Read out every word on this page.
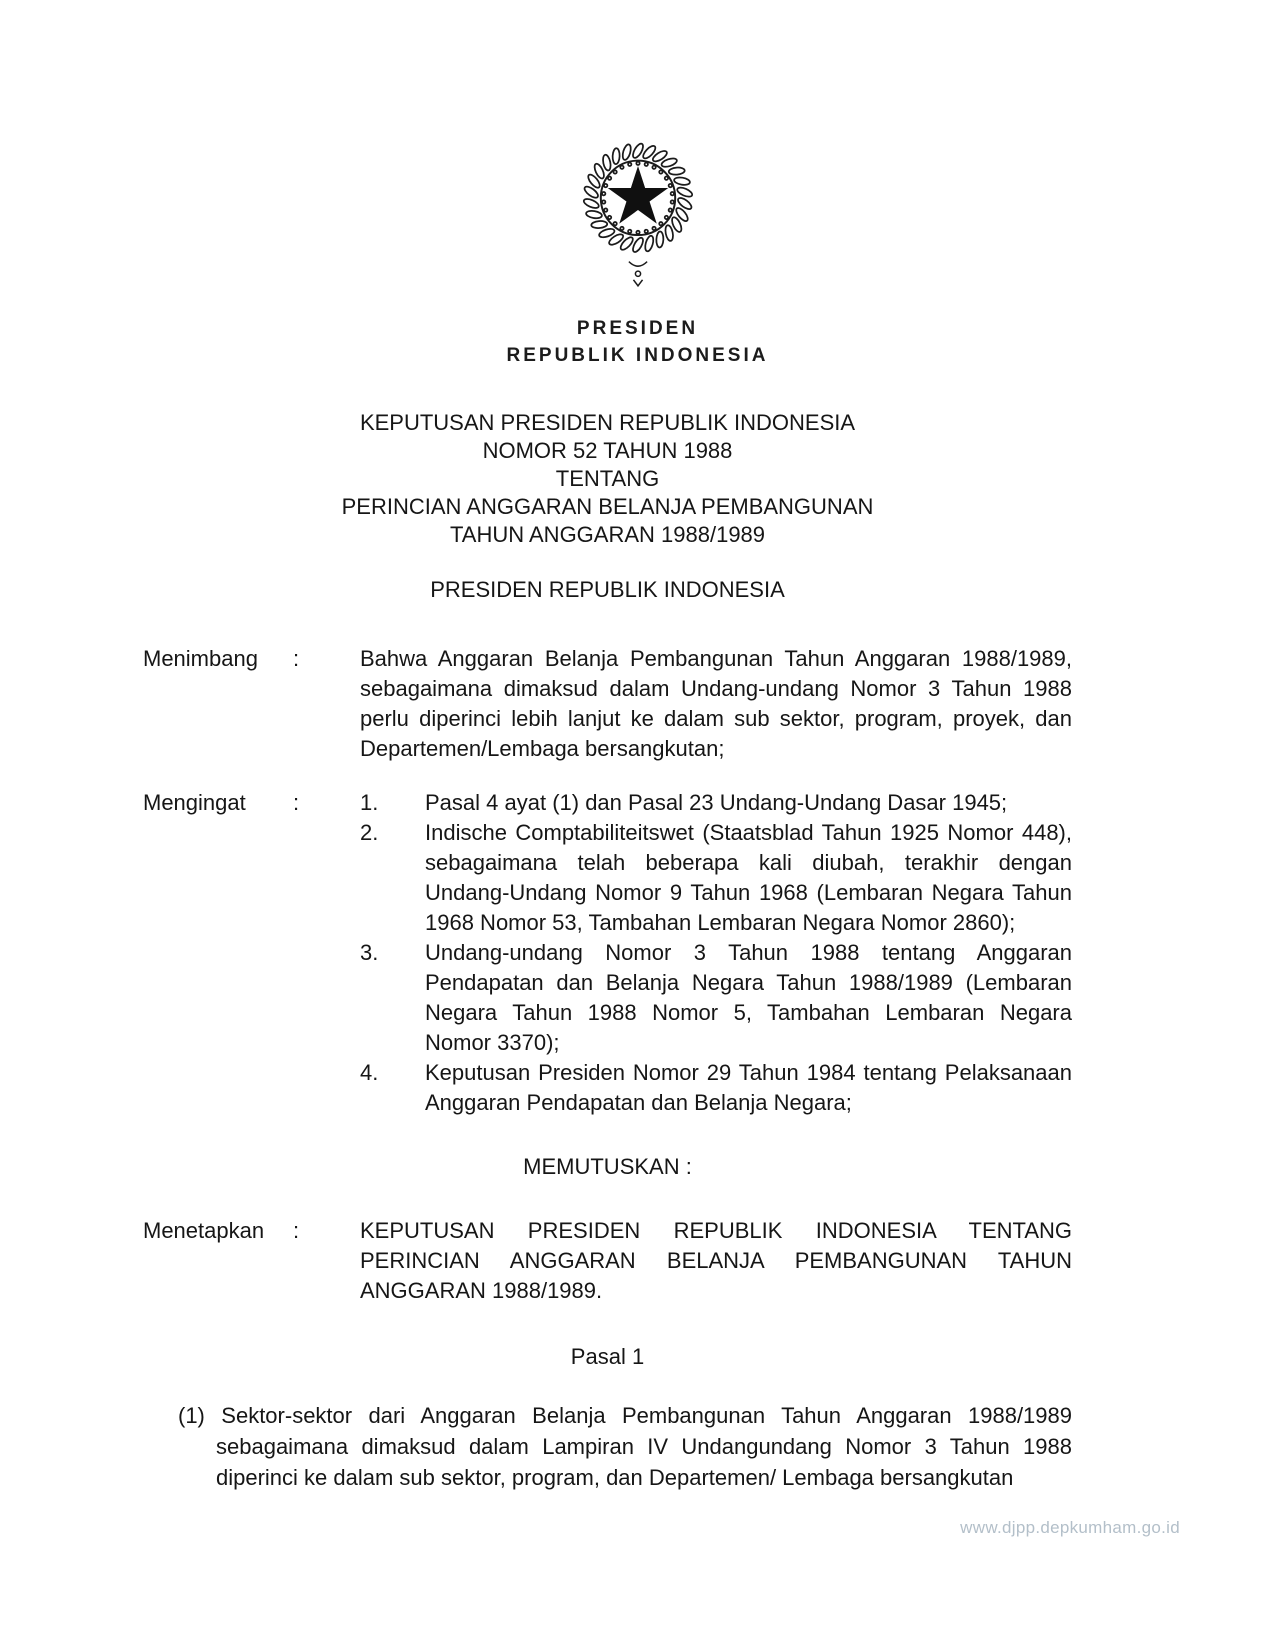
PRESIDEN
REPUBLIK INDONESIA
KEPUTUSAN PRESIDEN REPUBLIK INDONESIA
NOMOR 52 TAHUN 1988
TENTANG
PERINCIAN ANGGARAN BELANJA PEMBANGUNAN
TAHUN ANGGARAN 1988/1989
PRESIDEN REPUBLIK INDONESIA
Menimbang	:	Bahwa Anggaran Belanja Pembangunan Tahun Anggaran 1988/1989, sebagaimana dimaksud dalam Undang-undang Nomor 3 Tahun 1988 perlu diperinci lebih lanjut ke dalam sub sektor, program, proyek, dan Departemen/Lembaga bersangkutan;
Mengingat	:	1.	Pasal 4 ayat (1) dan Pasal 23 Undang-Undang Dasar 1945;
2.	Indische Comptabiliteitswet (Staatsblad Tahun 1925 Nomor 448), sebagaimana telah beberapa kali diubah, terakhir dengan Undang-Undang Nomor 9 Tahun 1968 (Lembaran Negara Tahun 1968 Nomor 53, Tambahan Lembaran Negara Nomor 2860);
3.	Undang-undang Nomor 3 Tahun 1988 tentang Anggaran Pendapatan dan Belanja Negara Tahun 1988/1989 (Lembaran Negara Tahun 1988 Nomor 5, Tambahan Lembaran Negara Nomor 3370);
4.	Keputusan Presiden Nomor 29 Tahun 1984 tentang Pelaksanaan Anggaran Pendapatan dan Belanja Negara;
MEMUTUSKAN :
Menetapkan	:	KEPUTUSAN PRESIDEN REPUBLIK INDONESIA TENTANG PERINCIAN ANGGARAN BELANJA PEMBANGUNAN TAHUN ANGGARAN 1988/1989.
Pasal 1
(1) Sektor-sektor dari Anggaran Belanja Pembangunan Tahun Anggaran 1988/1989 sebagaimana dimaksud dalam Lampiran IV Undangundang Nomor 3 Tahun 1988 diperinci ke dalam sub sektor, program, dan Departemen/ Lembaga bersangkutan
www.djpp.depkumham.go.id
